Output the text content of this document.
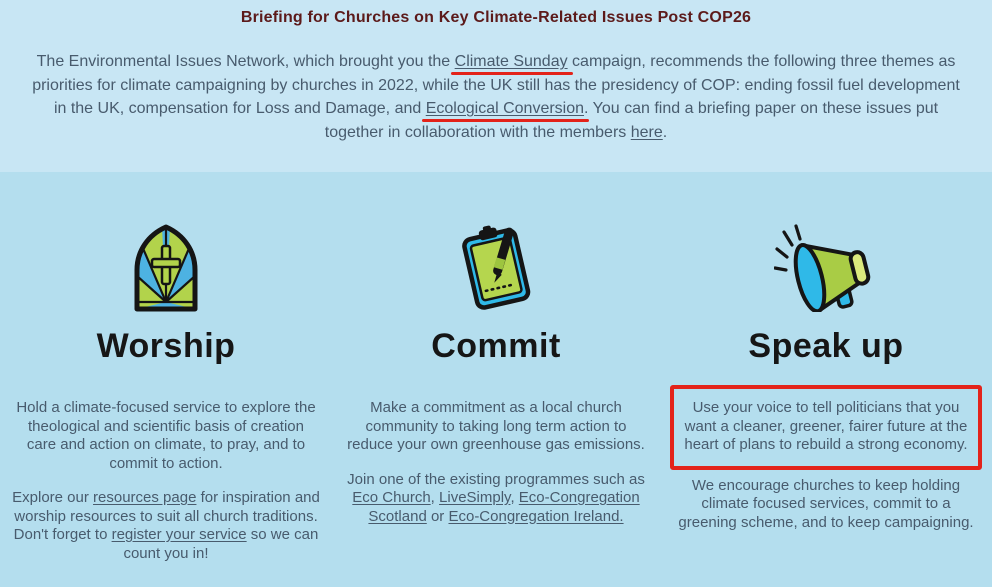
Briefing for Churches on Key Climate-Related Issues Post COP26

The Environmental Issues Network, which brought you the Climate Sunday campaign, recommends the following three themes as priorities for climate campaigning by churches in 2022, while the UK still has the presidency of COP: ending fossil fuel development in the UK, compensation for Loss and Damage, and Ecological Conversion. You can find a briefing paper on these issues put together in collaboration with the members here.

Worship

Hold a climate-focused service to explore the theological and scientific basis of creation care and action on climate, to pray, and to commit to action.

Explore our resources page for inspiration and worship resources to suit all church traditions. Don't forget to register your service so we can count you in!

Commit

Make a commitment as a local church community to taking long term action to reduce your own greenhouse gas emissions.

Join one of the existing programmes such as Eco Church, LiveSimply, Eco-Congregation Scotland or Eco-Congregation Ireland.

Speak up

Use your voice to tell politicians that you want a cleaner, greener, fairer future at the heart of plans to rebuild a strong economy.

We encourage churches to keep holding climate focused services, commit to a greening scheme, and to keep campaigning.
